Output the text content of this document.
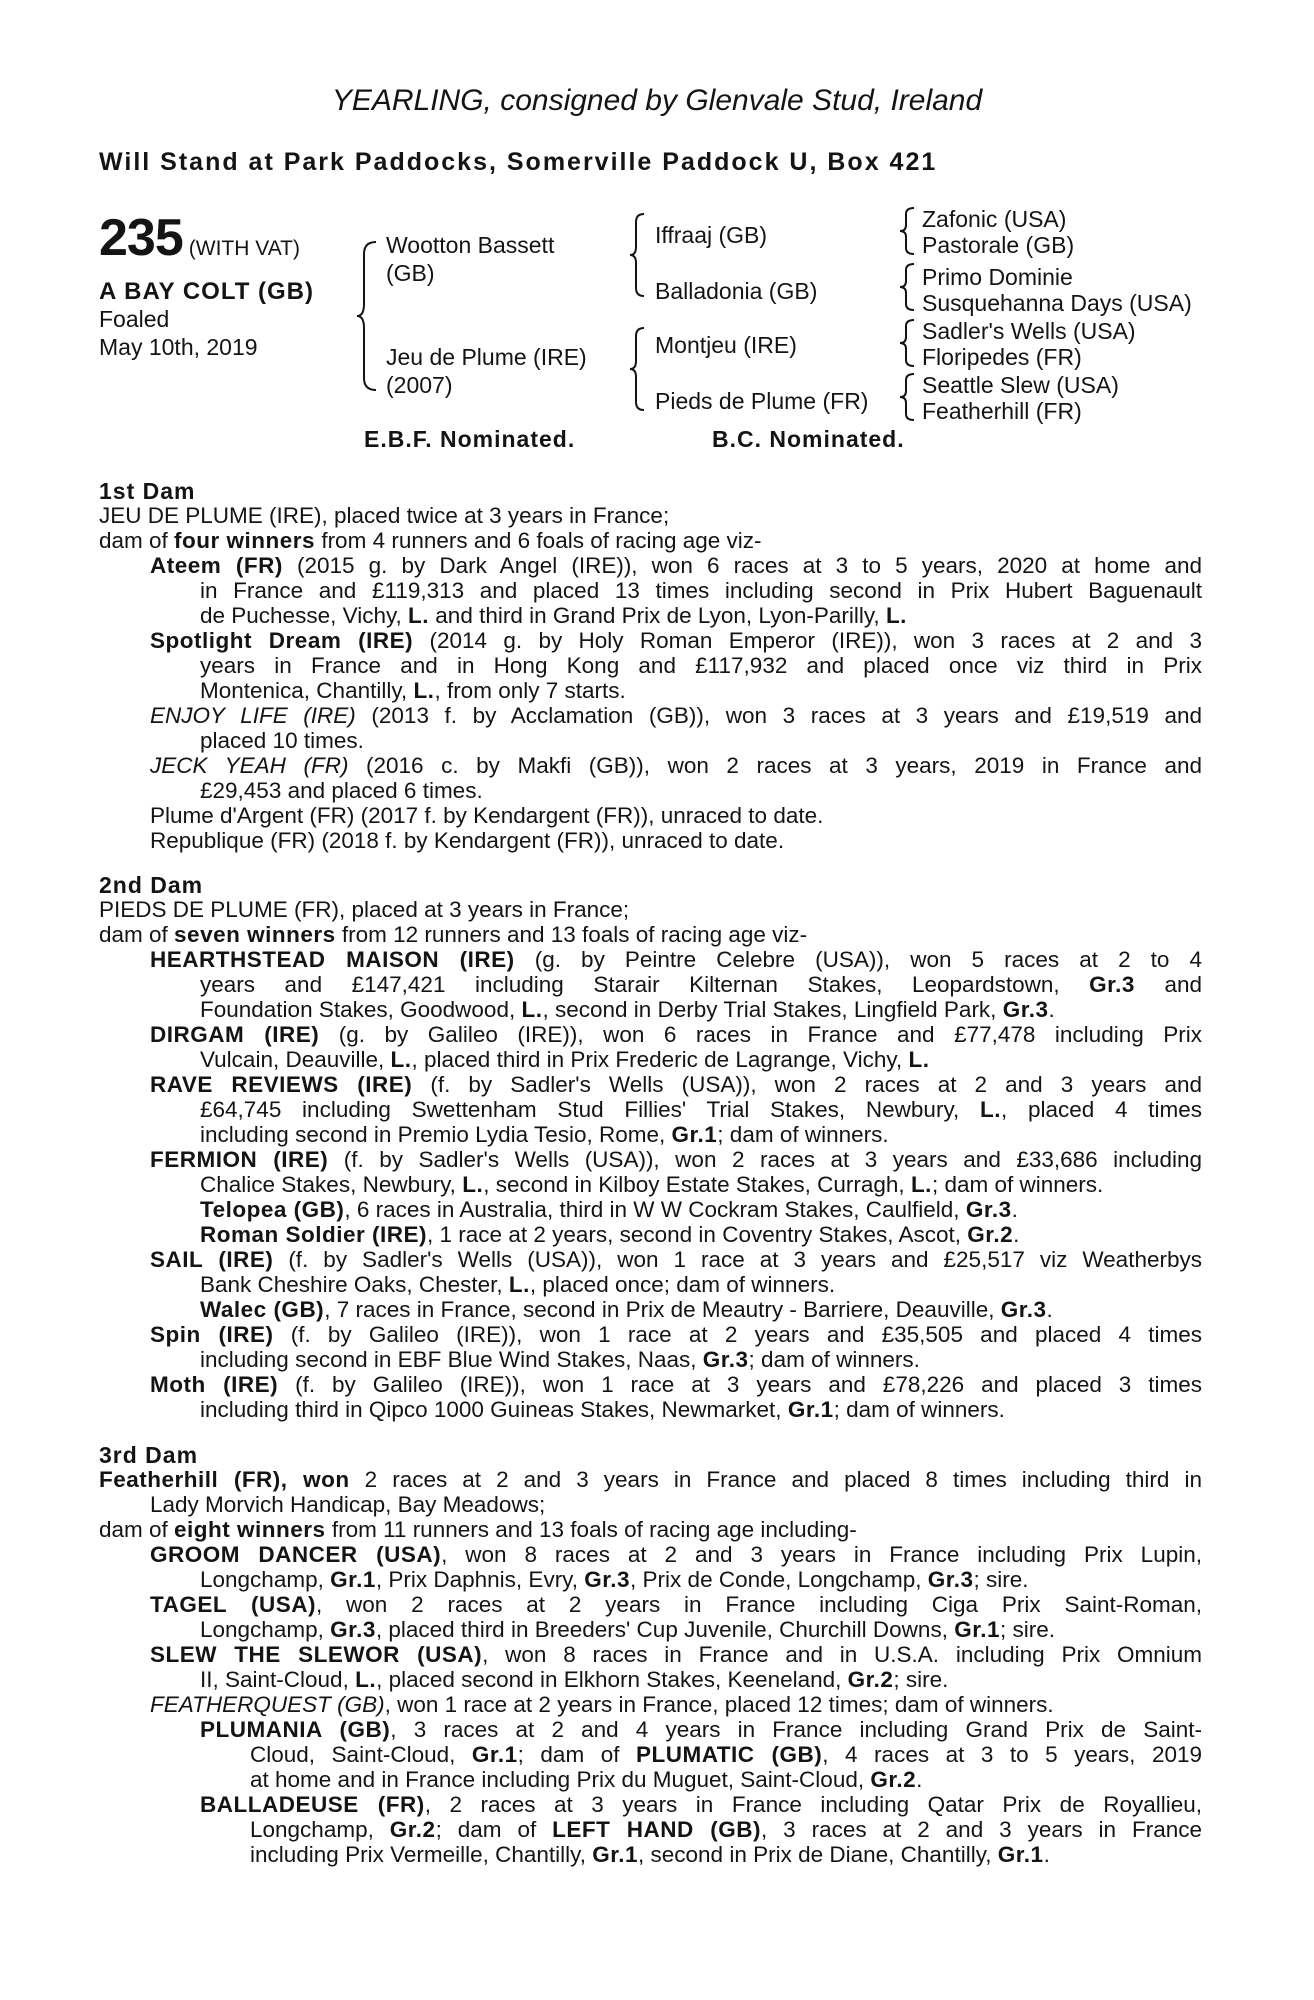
YEARLING, consigned by Glenvale Stud, Ireland
Will Stand at Park Paddocks, Somerville Paddock U, Box 421
235 (WITH VAT)
A BAY COLT (GB)
Foaled
May 10th, 2019
Wootton Bassett
(GB)
Jeu de Plume (IRE)
(2007)
Iffraaj (GB)
Balladonia (GB)
Montjeu (IRE)
Pieds de Plume (FR)
Zafonic (USA)
Pastorale (GB)
Primo Dominie
Susquehanna Days (USA)
Sadler's Wells (USA)
Floripedes (FR)
Seattle Slew (USA)
Featherhill (FR)
E.B.F. Nominated.	B.C. Nominated.
1st Dam
JEU DE PLUME (IRE), placed twice at 3 years in France;
dam of four winners from 4 runners and 6 foals of racing age viz-
Ateem (FR) (2015 g. by Dark Angel (IRE)), won 6 races at 3 to 5 years, 2020 at home and
in France and £119,313 and placed 13 times including second in Prix Hubert Baguenault
de Puchesse, Vichy, L. and third in Grand Prix de Lyon, Lyon-Parilly, L.
Spotlight Dream (IRE) (2014 g. by Holy Roman Emperor (IRE)), won 3 races at 2 and 3
years in France and in Hong Kong and £117,932 and placed once viz third in Prix
Montenica, Chantilly, L., from only 7 starts.
ENJOY LIFE (IRE) (2013 f. by Acclamation (GB)), won 3 races at 3 years and £19,519 and
placed 10 times.
JECK YEAH (FR) (2016 c. by Makfi (GB)), won 2 races at 3 years, 2019 in France and
£29,453 and placed 6 times.
Plume d'Argent (FR) (2017 f. by Kendargent (FR)), unraced to date.
Republique (FR) (2018 f. by Kendargent (FR)), unraced to date.
2nd Dam
PIEDS DE PLUME (FR), placed at 3 years in France;
dam of seven winners from 12 runners and 13 foals of racing age viz-
HEARTHSTEAD MAISON (IRE) (g. by Peintre Celebre (USA)), won 5 races at 2 to 4
years and £147,421 including Starair Kilternan Stakes, Leopardstown, Gr.3 and
Foundation Stakes, Goodwood, L., second in Derby Trial Stakes, Lingfield Park, Gr.3.
DIRGAM (IRE) (g. by Galileo (IRE)), won 6 races in France and £77,478 including Prix
Vulcain, Deauville, L., placed third in Prix Frederic de Lagrange, Vichy, L.
RAVE REVIEWS (IRE) (f. by Sadler's Wells (USA)), won 2 races at 2 and 3 years and
£64,745 including Swettenham Stud Fillies' Trial Stakes, Newbury, L., placed 4 times
including second in Premio Lydia Tesio, Rome, Gr.1; dam of winners.
FERMION (IRE) (f. by Sadler's Wells (USA)), won 2 races at 3 years and £33,686 including
Chalice Stakes, Newbury, L., second in Kilboy Estate Stakes, Curragh, L.; dam of winners.
Telopea (GB), 6 races in Australia, third in W W Cockram Stakes, Caulfield, Gr.3.
Roman Soldier (IRE), 1 race at 2 years, second in Coventry Stakes, Ascot, Gr.2.
SAIL (IRE) (f. by Sadler's Wells (USA)), won 1 race at 3 years and £25,517 viz Weatherbys
Bank Cheshire Oaks, Chester, L., placed once; dam of winners.
Walec (GB), 7 races in France, second in Prix de Meautry - Barriere, Deauville, Gr.3.
Spin (IRE) (f. by Galileo (IRE)), won 1 race at 2 years and £35,505 and placed 4 times
including second in EBF Blue Wind Stakes, Naas, Gr.3; dam of winners.
Moth (IRE) (f. by Galileo (IRE)), won 1 race at 3 years and £78,226 and placed 3 times
including third in Qipco 1000 Guineas Stakes, Newmarket, Gr.1; dam of winners.
3rd Dam
Featherhill (FR), won 2 races at 2 and 3 years in France and placed 8 times including third in
Lady Morvich Handicap, Bay Meadows;
dam of eight winners from 11 runners and 13 foals of racing age including-
GROOM DANCER (USA), won 8 races at 2 and 3 years in France including Prix Lupin,
Longchamp, Gr.1, Prix Daphnis, Evry, Gr.3, Prix de Conde, Longchamp, Gr.3; sire.
TAGEL (USA), won 2 races at 2 years in France including Ciga Prix Saint-Roman,
Longchamp, Gr.3, placed third in Breeders' Cup Juvenile, Churchill Downs, Gr.1; sire.
SLEW THE SLEWOR (USA), won 8 races in France and in U.S.A. including Prix Omnium
II, Saint-Cloud, L., placed second in Elkhorn Stakes, Keeneland, Gr.2; sire.
FEATHERQUEST (GB), won 1 race at 2 years in France, placed 12 times; dam of winners.
PLUMANIA (GB), 3 races at 2 and 4 years in France including Grand Prix de Saint-
Cloud, Saint-Cloud, Gr.1; dam of PLUMATIC (GB), 4 races at 3 to 5 years, 2019
at home and in France including Prix du Muguet, Saint-Cloud, Gr.2.
BALLADEUSE (FR), 2 races at 3 years in France including Qatar Prix de Royallieu,
Longchamp, Gr.2; dam of LEFT HAND (GB), 3 races at 2 and 3 years in France
including Prix Vermeille, Chantilly, Gr.1, second in Prix de Diane, Chantilly, Gr.1.
